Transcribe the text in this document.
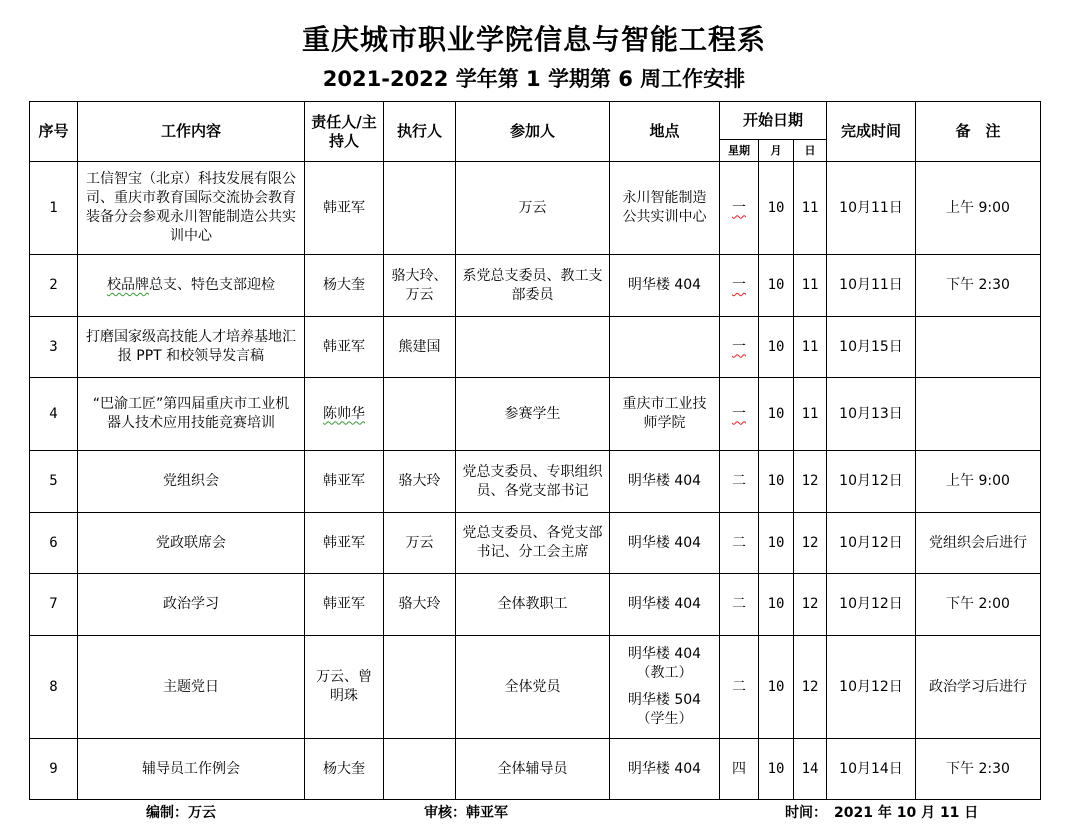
重庆城市职业学院信息与智能工程系
2021-2022 学年第 1 学期第 6 周工作安排
序号	工作内容	责任人/主持人	执行人	参加人	地点	开始日期			完成时间	备　注
						星期	月	日		
1	工信智宝（北京）科技发展有限公司、重庆市教育国际交流协会教育装备分会参观永川智能制造公共实训中心	韩亚军		万云	永川智能制造公共实训中心	一	10	11	10月11日	上午 9:00
2	校品牌总支、特色支部迎检	杨大奎	骆大玲、万云	系党总支委员、教工支部委员	明华楼 404	一	10	11	10月11日	下午 2:30
3	打磨国家级高技能人才培养基地汇报 PPT 和校领导发言稿	韩亚军	熊建国			一	10	11	10月15日	
4	“巴渝工匠”第四届重庆市工业机器人技术应用技能竞赛培训	陈帅华		参赛学生	重庆市工业技师学院	一	10	11	10月13日	
5	党组织会	韩亚军	骆大玲	党总支委员、专职组织员、各党支部书记	明华楼 404	二	10	12	10月12日	上午 9:00
6	党政联席会	韩亚军	万云	党总支委员、各党支部书记、分工会主席	明华楼 404	二	10	12	10月12日	党组织会后进行
7	政治学习	韩亚军	骆大玲	全体教职工	明华楼 404	二	10	12	10月12日	下午 2:00
8	主题党日	万云、曾明珠		全体党员	明华楼 404（教工）
明华楼 504（学生）	二	10	12	10月12日	政治学习后进行
9	辅导员工作例会	杨大奎		全体辅导员	明华楼 404	四	10	14	10月14日	下午 2:30
编制：万云	审核：韩亚军	时间：　2021 年 10 月 11 日
